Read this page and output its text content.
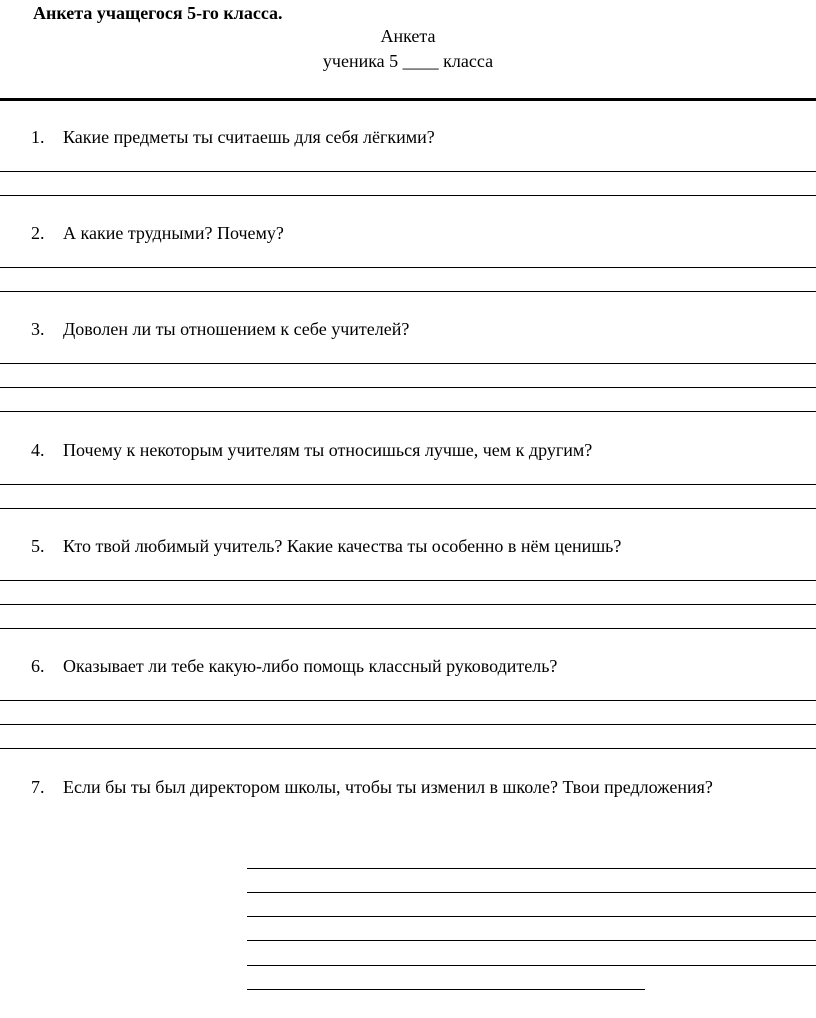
Анкета учащегося 5-го класса.
Анкета
ученика 5 ____ класса
1. Какие предметы ты считаешь для себя лёгкими?
2. А какие трудными? Почему?
3. Доволен ли ты отношением к себе учителей?
4. Почему к некоторым учителям ты относишься лучше, чем к другим?
5. Кто твой любимый учитель? Какие качества ты особенно в нём ценишь?
6. Оказывает ли тебе какую-либо помощь классный руководитель?
7. Если бы ты был директором школы, чтобы ты изменил в школе? Твои предложения?
